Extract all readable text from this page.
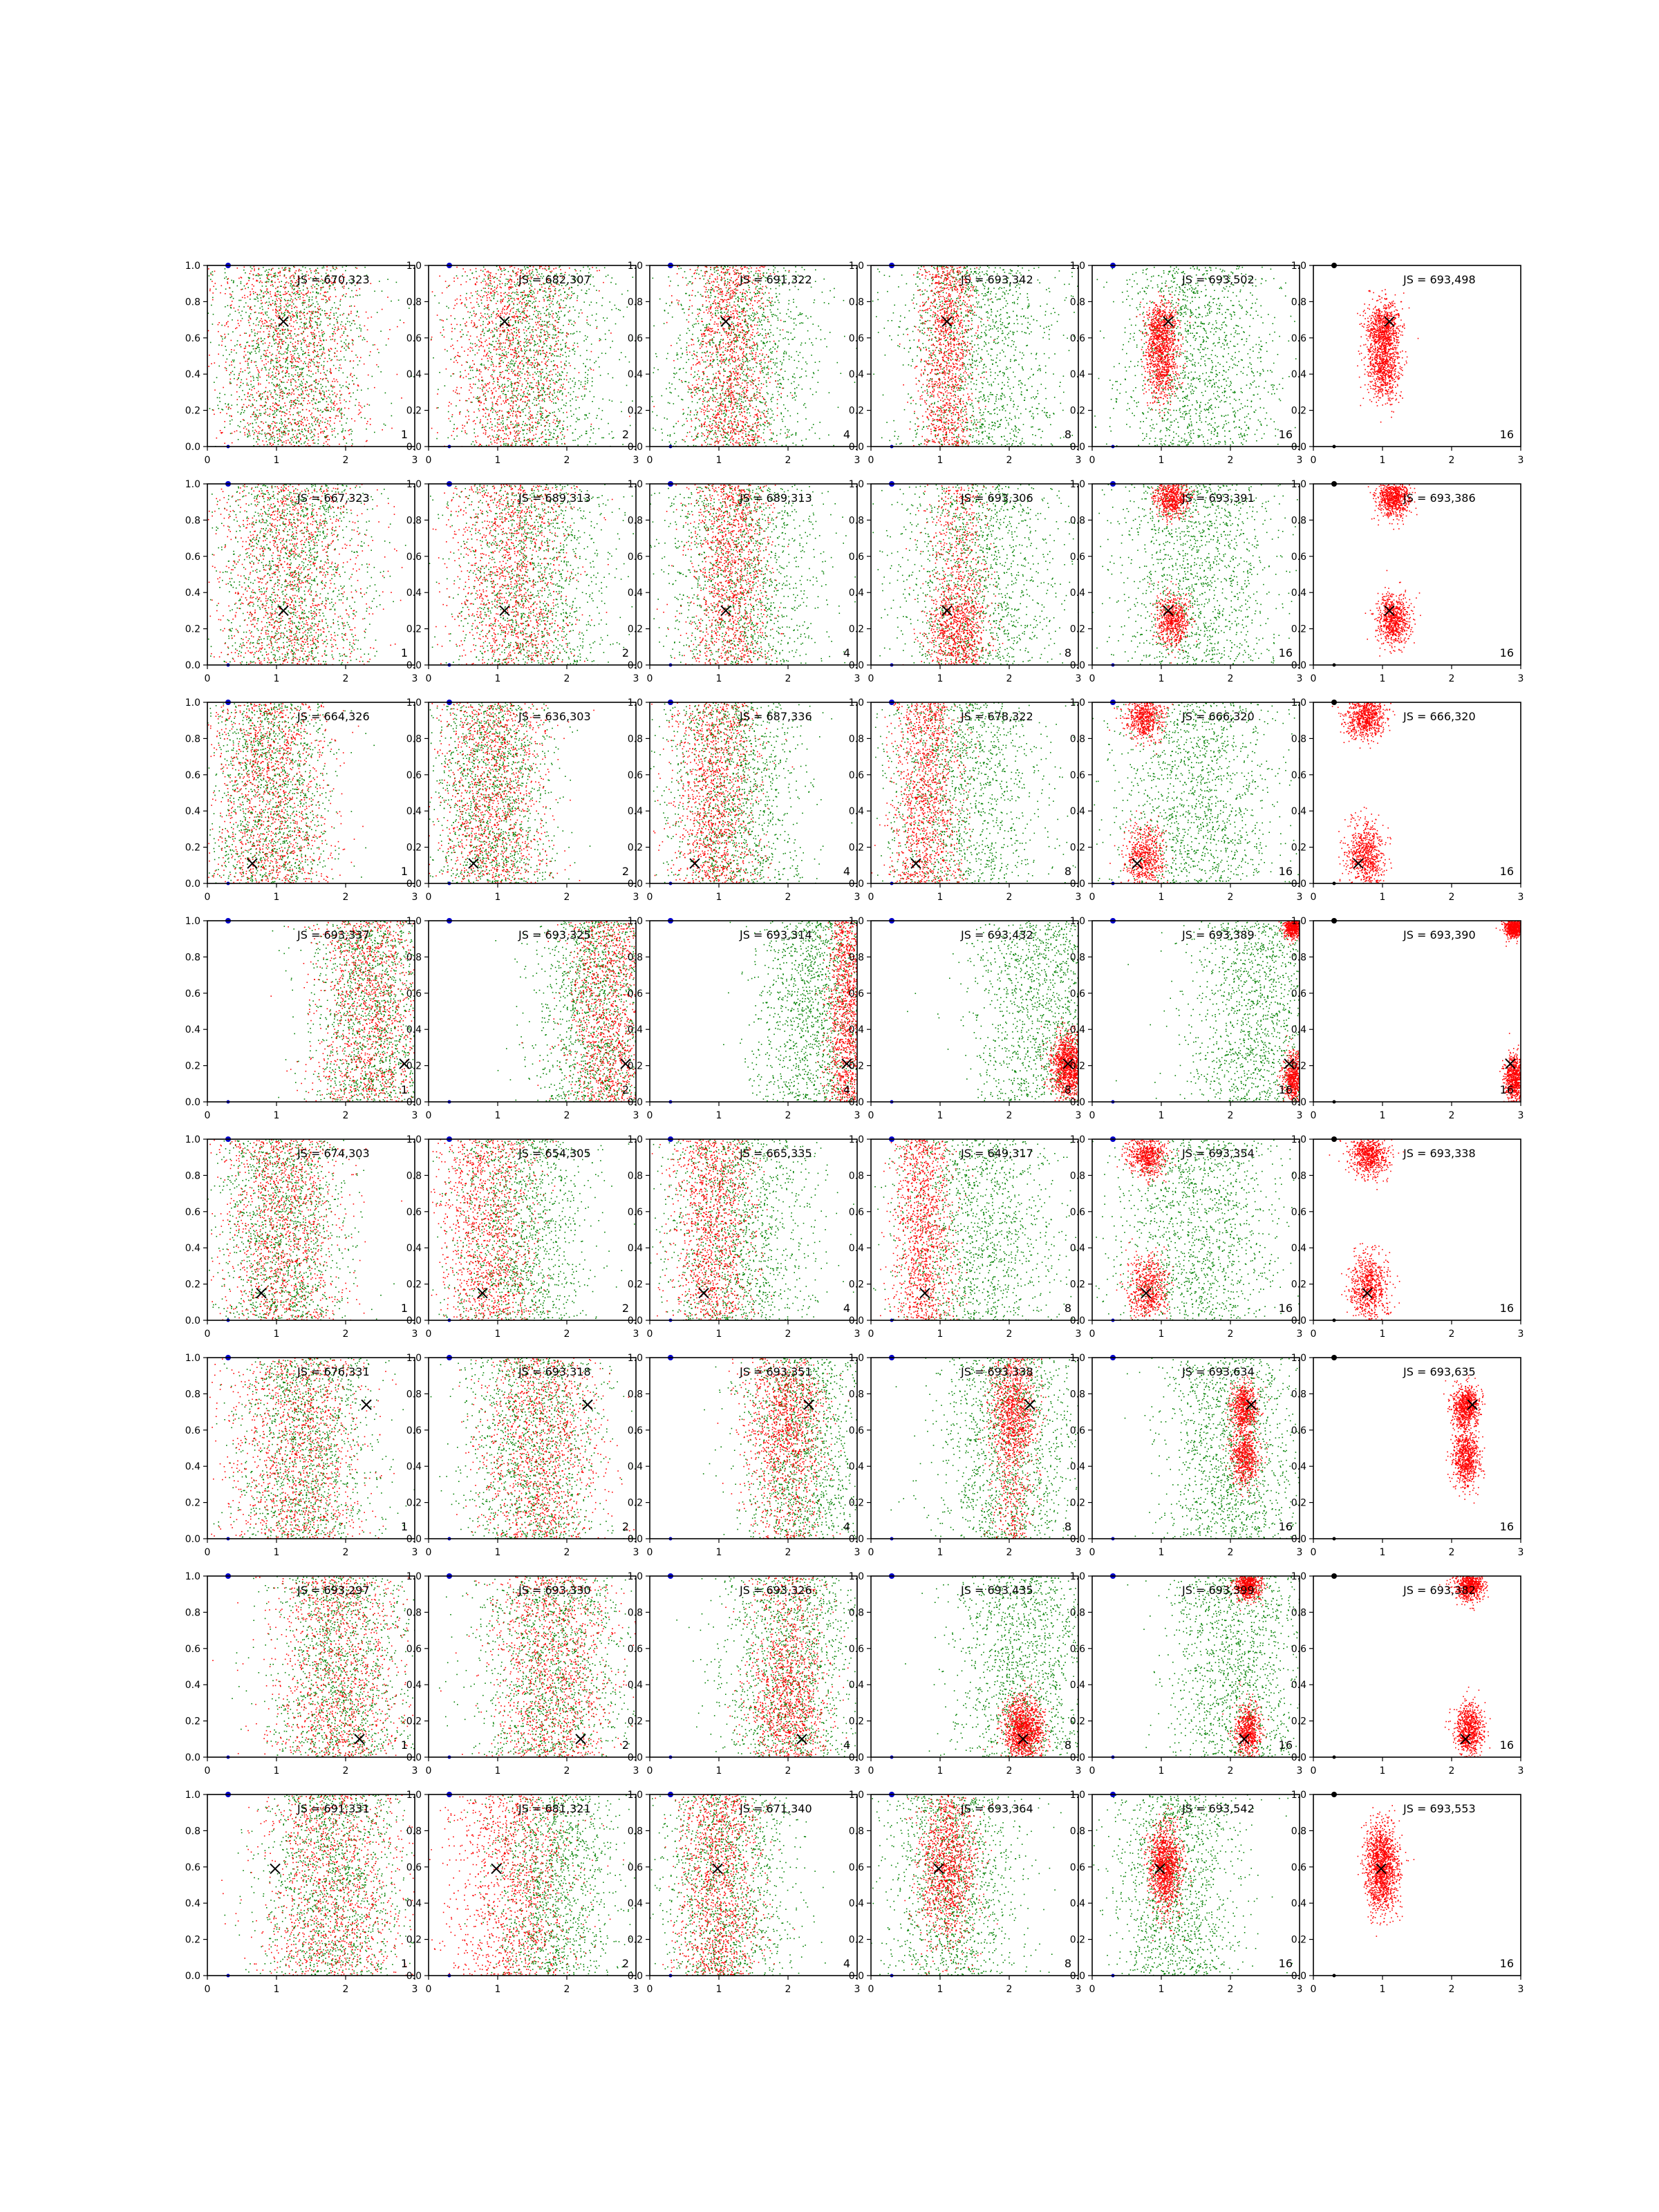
0	1	2	3
0.0
0.2
0.4
0.6
0.8
1.0
JS = 670,323
1
0	1	2	3
0.0
0.2
0.4
0.6
0.8
1.0
JS = 682,307
2
0	1	2	3
0.0
0.2
0.4
0.6
0.8
1.0
JS = 691,322
4
0	1	2	3
0.0
0.2
0.4
0.6
0.8
1.0
JS = 693,342
8
0	1	2	3
0.0
0.2
0.4
0.6
0.8
1.0
JS = 693,502
16
0	1	2	3
0.0
0.2
0.4
0.6
0.8
1.0
JS = 693,498
16
0	1	2	3
0.0
0.2
0.4
0.6
0.8
1.0
JS = 667,323
1
0	1	2	3
0.0
0.2
0.4
0.6
0.8
1.0
JS = 689,313
2
0	1	2	3
0.0
0.2
0.4
0.6
0.8
1.0
JS = 689,313
4
0	1	2	3
0.0
0.2
0.4
0.6
0.8
1.0
JS = 693,306
8
0	1	2	3
0.0
0.2
0.4
0.6
0.8
1.0
JS = 693,391
16
0	1	2	3
0.0
0.2
0.4
0.6
0.8
1.0
JS = 693,386
16
0	1	2	3
0.0
0.2
0.4
0.6
0.8
1.0
JS = 664,326
1
0	1	2	3
0.0
0.2
0.4
0.6
0.8
1.0
JS = 636,303
2
0	1	2	3
0.0
0.2
0.4
0.6
0.8
1.0
JS = 687,336
4
0	1	2	3
0.0
0.2
0.4
0.6
0.8
1.0
JS = 678,322
8
0	1	2	3
0.0
0.2
0.4
0.6
0.8
1.0
JS = 666,320
16
0	1	2	3
0.0
0.2
0.4
0.6
0.8
1.0
JS = 666,320
16
0	1	2	3
0.0
0.2
0.4
0.6
0.8
1.0
JS = 693,337
1
0	1	2	3
0.0
0.2
0.4
0.6
0.8
1.0
JS = 693,325
2
0	1	2	3
0.0
0.2
0.4
0.6
0.8
1.0
JS = 693,314
4
0	1	2	3
0.0
0.2
0.4
0.6
0.8
1.0
JS = 693,432
8
0	1	2	3
0.0
0.2
0.4
0.6
0.8
1.0
JS = 693,389
16
0	1	2	3
0.0
0.2
0.4
0.6
0.8
1.0
JS = 693,390
16
0	1	2	3
0.0
0.2
0.4
0.6
0.8
1.0
JS = 674,303
1
0	1	2	3
0.0
0.2
0.4
0.6
0.8
1.0
JS = 654,305
2
0	1	2	3
0.0
0.2
0.4
0.6
0.8
1.0
JS = 665,335
4
0	1	2	3
0.0
0.2
0.4
0.6
0.8
1.0
JS = 649,317
8
0	1	2	3
0.0
0.2
0.4
0.6
0.8
1.0
JS = 693,354
16
0	1	2	3
0.0
0.2
0.4
0.6
0.8
1.0
JS = 693,338
16
0	1	2	3
0.0
0.2
0.4
0.6
0.8
1.0
JS = 676,331
1
0	1	2	3
0.0
0.2
0.4
0.6
0.8
1.0
JS = 693,318
2
0	1	2	3
0.0
0.2
0.4
0.6
0.8
1.0
JS = 693,351
4
0	1	2	3
0.0
0.2
0.4
0.6
0.8
1.0
JS = 693,338
8
0	1	2	3
0.0
0.2
0.4
0.6
0.8
1.0
JS = 693,634
16
0	1	2	3
0.0
0.2
0.4
0.6
0.8
1.0
JS = 693,635
16
0	1	2	3
0.0
0.2
0.4
0.6
0.8
1.0
JS = 693,297
1
0	1	2	3
0.0
0.2
0.4
0.6
0.8
1.0
JS = 693,330
2
0	1	2	3
0.0
0.2
0.4
0.6
0.8
1.0
JS = 693,326
4
0	1	2	3
0.0
0.2
0.4
0.6
0.8
1.0
JS = 693,435
8
0	1	2	3
0.0
0.2
0.4
0.6
0.8
1.0
JS = 693,399
16
0	1	2	3
0.0
0.2
0.4
0.6
0.8
1.0
JS = 693,382
16
0	1	2	3
0.0
0.2
0.4
0.6
0.8
1.0
JS = 691,331
1
0	1	2	3
0.0
0.2
0.4
0.6
0.8
1.0
JS = 681,321
2
0	1	2	3
0.0
0.2
0.4
0.6
0.8
1.0
JS = 671,340
4
0	1	2	3
0.0
0.2
0.4
0.6
0.8
1.0
JS = 693,364
8
0	1	2	3
0.0
0.2
0.4
0.6
0.8
1.0
JS = 693,542
16
0	1	2	3
0.0
0.2
0.4
0.6
0.8
1.0
JS = 693,553
16
